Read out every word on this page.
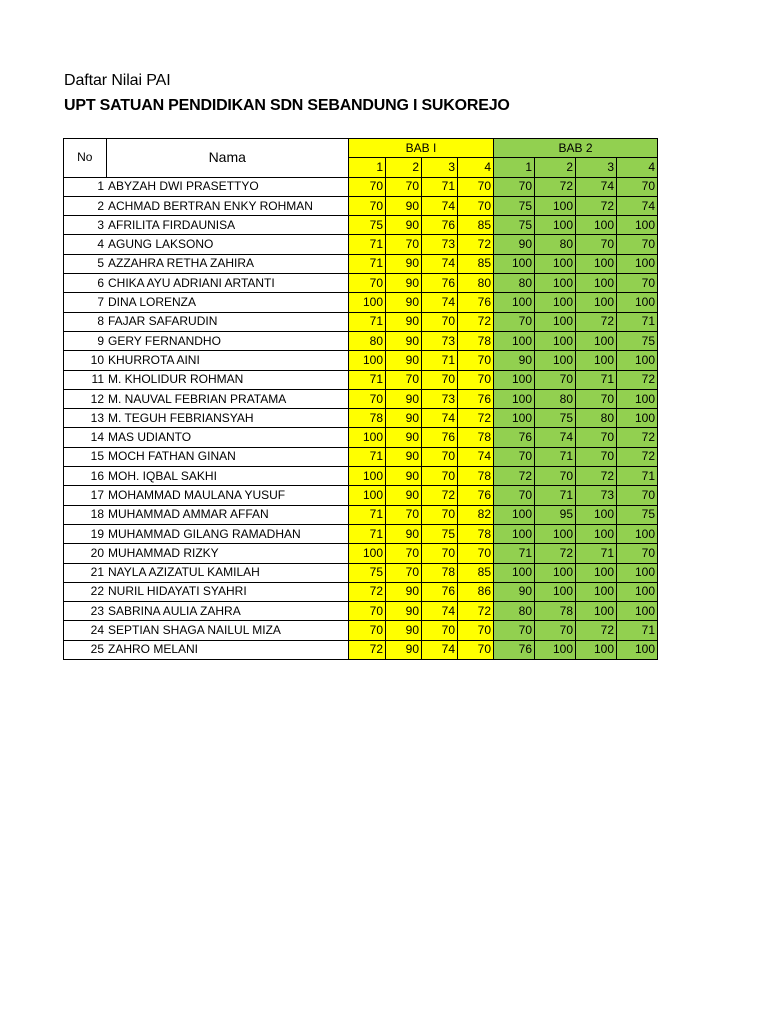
Daftar Nilai PAI
UPT SATUAN PENDIDIKAN SDN SEBANDUNG I SUKOREJO
No	Nama	BAB I				BAB 2			
		1	2	3	4	1	2	3	4
1	ABYZAH DWI PRASETTYO	70	70	71	70	70	72	74	70
2	ACHMAD BERTRAN ENKY ROHMAN	70	90	74	70	75	100	72	74
3	AFRILITA FIRDAUNISA	75	90	76	85	75	100	100	100
4	AGUNG LAKSONO	71	70	73	72	90	80	70	70
5	AZZAHRA RETHA ZAHIRA	71	90	74	85	100	100	100	100
6	CHIKA AYU ADRIANI ARTANTI	70	90	76	80	80	100	100	70
7	DINA LORENZA	100	90	74	76	100	100	100	100
8	FAJAR SAFARUDIN	71	90	70	72	70	100	72	71
9	GERY FERNANDHO	80	90	73	78	100	100	100	75
10	KHURROTA AINI	100	90	71	70	90	100	100	100
11	M. KHOLIDUR ROHMAN	71	70	70	70	100	70	71	72
12	M. NAUVAL FEBRIAN PRATAMA	70	90	73	76	100	80	70	100
13	M. TEGUH FEBRIANSYAH	78	90	74	72	100	75	80	100
14	MAS UDIANTO	100	90	76	78	76	74	70	72
15	MOCH FATHAN GINAN	71	90	70	74	70	71	70	72
16	MOH. IQBAL SAKHI	100	90	70	78	72	70	72	71
17	MOHAMMAD MAULANA YUSUF	100	90	72	76	70	71	73	70
18	MUHAMMAD AMMAR AFFAN	71	70	70	82	100	95	100	75
19	MUHAMMAD GILANG RAMADHAN	71	90	75	78	100	100	100	100
20	MUHAMMAD RIZKY	100	70	70	70	71	72	71	70
21	NAYLA AZIZATUL KAMILAH	75	70	78	85	100	100	100	100
22	NURIL HIDAYATI SYAHRI	72	90	76	86	90	100	100	100
23	SABRINA AULIA ZAHRA	70	90	74	72	80	78	100	100
24	SEPTIAN SHAGA NAILUL MIZA	70	90	70	70	70	70	72	71
25	ZAHRO MELANI	72	90	74	70	76	100	100	100
